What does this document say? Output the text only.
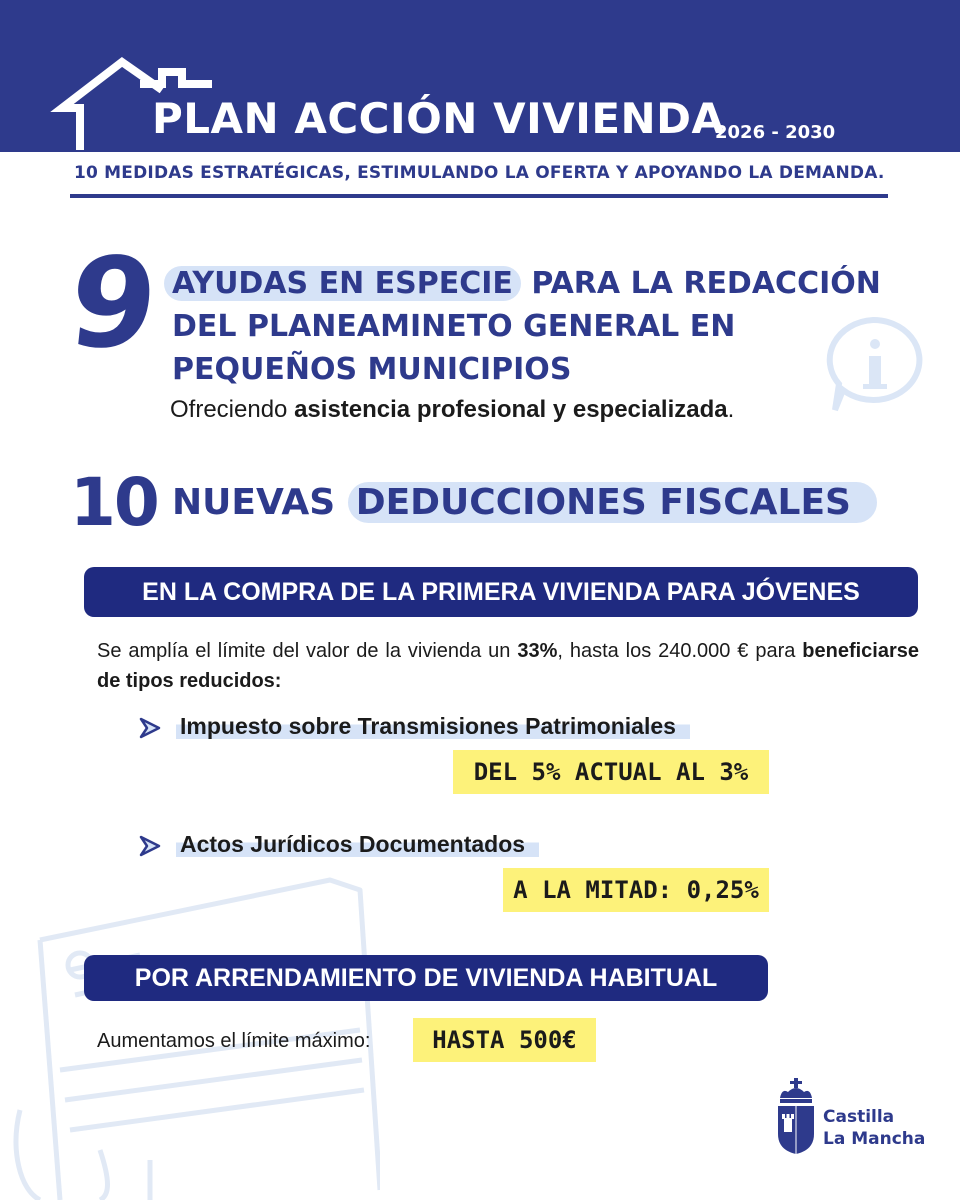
PLAN ACCIÓN VIVIENDA
2026 - 2030
10 MEDIDAS ESTRATÉGICAS, ESTIMULANDO LA OFERTA Y APOYANDO LA DEMANDA.
9 AYUDAS EN ESPECIE PARA LA REDACCIÓN DEL PLANEAMINETO GENERAL EN PEQUEÑOS MUNICIPIOS
Ofreciendo asistencia profesional y especializada.
10 NUEVAS DEDUCCIONES FISCALES
EN LA COMPRA DE LA PRIMERA VIVIENDA PARA JÓVENES
Se amplía el límite del valor de la vivienda un 33%, hasta los 240.000 € para beneficiarse de tipos reducidos:
Impuesto sobre Transmisiones Patrimoniales
DEL 5% ACTUAL AL 3%
Actos Jurídicos Documentados
A LA MITAD: 0,25%
POR ARRENDAMIENTO DE VIVIENDA HABITUAL
Aumentamos el límite máximo:	HASTA 500€
Castilla
La Mancha
